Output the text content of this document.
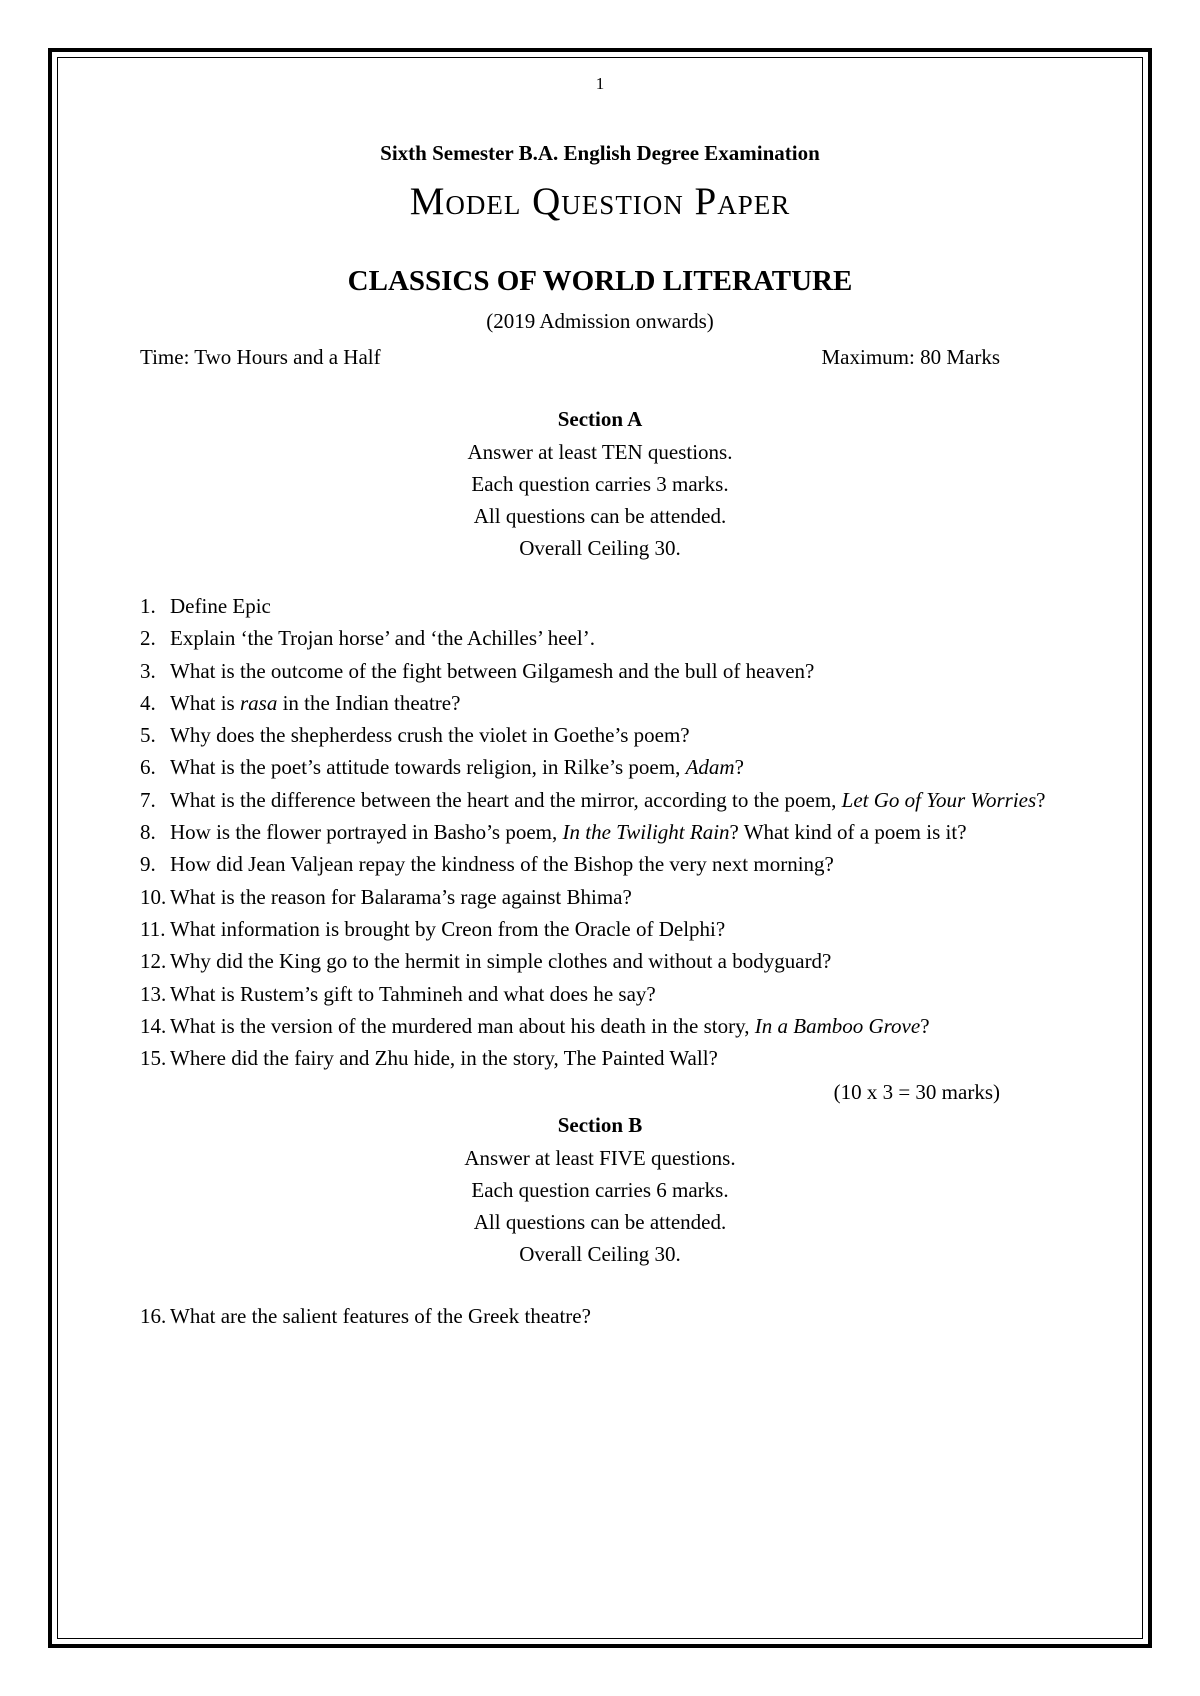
1

Sixth Semester B.A. English Degree Examination

Model Question Paper

CLASSICS OF WORLD LITERATURE

(2019 Admission onwards)

Time: Two Hours and a Half	Maximum: 80 Marks

Section A

Answer at least TEN questions.

Each question carries 3 marks.

All questions can be attended.

Overall Ceiling 30.

1. Define Epic
2. Explain ‘the Trojan horse’ and ‘the Achilles’ heel’.
3. What is the outcome of the fight between Gilgamesh and the bull of heaven?
4. What is rasa in the Indian theatre?
5. Why does the shepherdess crush the violet in Goethe’s poem?
6. What is the poet’s attitude towards religion, in Rilke’s poem, Adam?
7. What is the difference between the heart and the mirror, according to the poem, Let Go of Your Worries?
8. How is the flower portrayed in Basho’s poem, In the Twilight Rain? What kind of a poem is it?
9. How did Jean Valjean repay the kindness of the Bishop the very next morning?
10. What is the reason for Balarama’s rage against Bhima?
11. What information is brought by Creon from the Oracle of Delphi?
12. Why did the King go to the hermit in simple clothes and without a bodyguard?
13. What is Rustem’s gift to Tahmineh and what does he say?
14. What is the version of the murdered man about his death in the story, In a Bamboo Grove?
15. Where did the fairy and Zhu hide, in the story, The Painted Wall?

(10 x 3 = 30 marks)

Section B

Answer at least FIVE questions.

Each question carries 6 marks.

All questions can be attended.

Overall Ceiling 30.

16. What are the salient features of the Greek theatre?
